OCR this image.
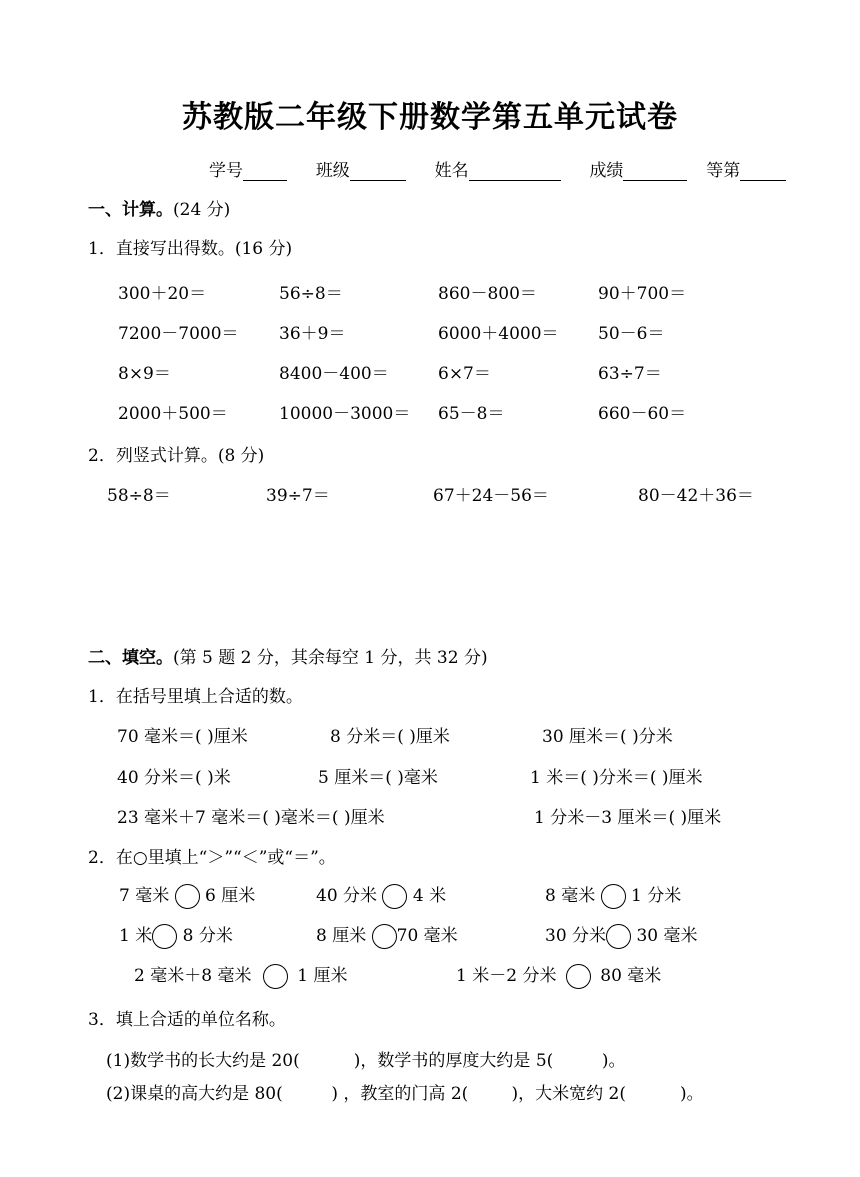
苏教版二年级下册数学第五单元试卷
学号	班级	姓名	成绩	等第
一、计算。(24 分)
1．直接写出得数。(16 分)
300＋20＝	56÷8＝	860－800＝	90＋700＝
7200－7000＝ 36＋9＝	6000＋4000＝ 50－6＝
8×9＝	8400－400＝	6×7＝	63÷7＝
2000＋500＝	10000－3000＝ 65－8＝	660－60＝
2．列竖式计算。(8 分)
58÷8＝	39÷7＝	67＋24－56＝	80－42＋36＝
二、填空。(第 5 题 2 分，其余每空 1 分，共 32 分)
1．在括号里填上合适的数。
70 毫米＝( )厘米	8 分米＝( )厘米	30 厘米＝( )分米
40 分米＝( )米	5 厘米＝( )毫米	1 米＝( )分米＝( )厘米
23 毫米＋7 毫米＝( )毫米＝( )厘米	1 分米－3 厘米＝( )厘米
2．在○里填上“＞”“＜”或“＝”。
7 毫米 6 厘米	40 分米 4 米	8 毫米 1 分米
1 米 8 分米	8 厘米 70 毫米	30 分米 30 毫米
2 毫米＋8 毫米	1 厘米	1 米－2 分米	80 毫米
3．填上合适的单位名称。
(1)数学书的长大约是 20(          )，数学书的厚度大约是 5(         )。
(2)课桌的高大约是 80(         ) ，教室的门高 2(        )，大米宽约 2(          )。
